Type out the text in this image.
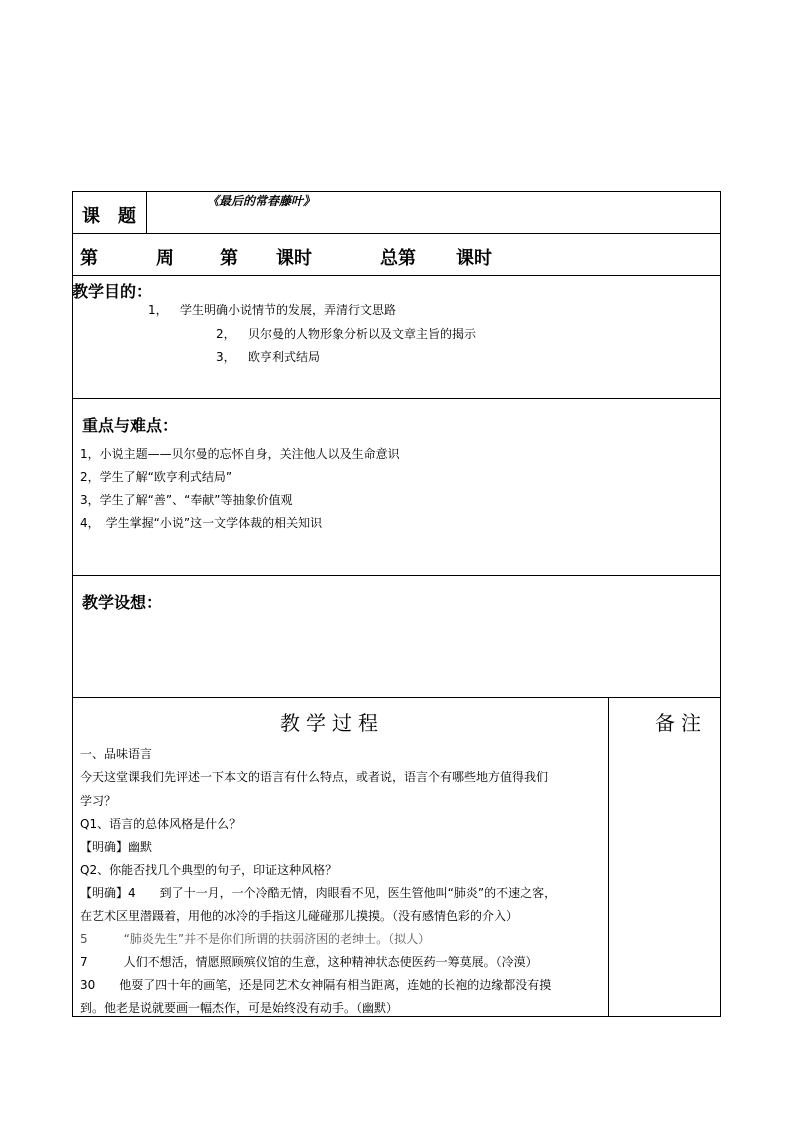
课　题
《最后的常春藤叶》
第	周	第 课时	总第 课时
教学目的：
1， 学生明确小说情节的发展，弄清行文思路
2， 贝尔曼的人物形象分析以及文章主旨的揭示
3， 欧亨利式结局
重点与难点：
1，小说主题——贝尔曼的忘怀自身，关注他人以及生命意识
2，学生了解“欧亨利式结局”
3，学生了解“善”、“奉献”等抽象价值观
4，　学生掌握“小说”这一文学体裁的相关知识
教学设想：
教学过程	备注
一、品味语言
今天这堂课我们先评述一下本文的语言有什么特点，或者说，语言个有哪些地方值得我们
学习？
Q1、语言的总体风格是什么？
【明确】幽默
Q2、你能否找几个典型的句子，印证这种风格？
【明确】4　　到了十一月，一个冷酷无情，肉眼看不见，医生管他叫“肺炎”的不速之客，
在艺术区里潜蹑着，用他的冰冷的手指这儿碰碰那儿摸摸。（没有感情色彩的介入）
5　　　“肺炎先生”并不是你们所谓的扶弱济困的老绅士。（拟人）
7　　　人们不想活，情愿照顾殡仪馆的生意，这种精神状态使医药一筹莫展。（冷漠）
30　　他耍了四十年的画笔，还是同艺术女神隔有相当距离，连她的长袍的边缘都没有摸
到。他老是说就要画一幅杰作，可是始终没有动手。（幽默）
